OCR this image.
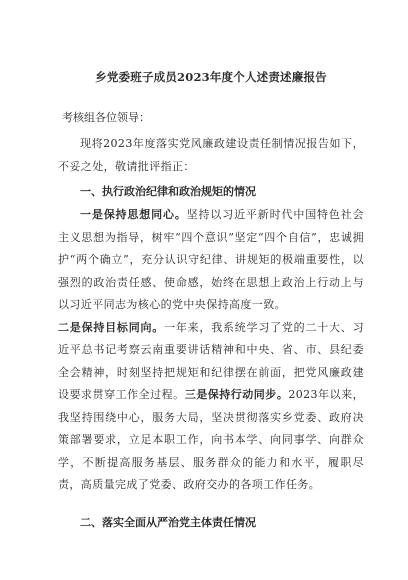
乡党委班子成员2023年度个人述责述廉报告

考核组各位领导：

现将2023年度落实党风廉政建设责任制情况报告如下，不妥之处，敬请批评指正：

一、执行政治纪律和政治规矩的情况

一是保持思想同心。坚持以习近平新时代中国特色社会主义思想为指导，树牢“四个意识”坚定“四个自信”，忠诚拥护“两个确立”，充分认识守纪律、讲规矩的极端重要性，以强烈的政治责任感、使命感，始终在思想上政治上行动上与以习近平同志为核心的党中央保持高度一致。

二是保持目标同向。一年来，我系统学习了党的二十大、习近平总书记考察云南重要讲话精神和中央、省、市、县纪委全会精神，时刻坚持把规矩和纪律摆在前面，把党风廉政建设要求贯穿工作全过程。三是保持行动同步。2023年以来，我坚持围绕中心，服务大局，坚决贯彻落实乡党委、政府决策部署要求，立足本职工作，向书本学、向同事学、向群众学，不断提高服务基层、服务群众的能力和水平，履职尽责，高质量完成了党委、政府交办的各项工作任务。

二、落实全面从严治党主体责任情况
